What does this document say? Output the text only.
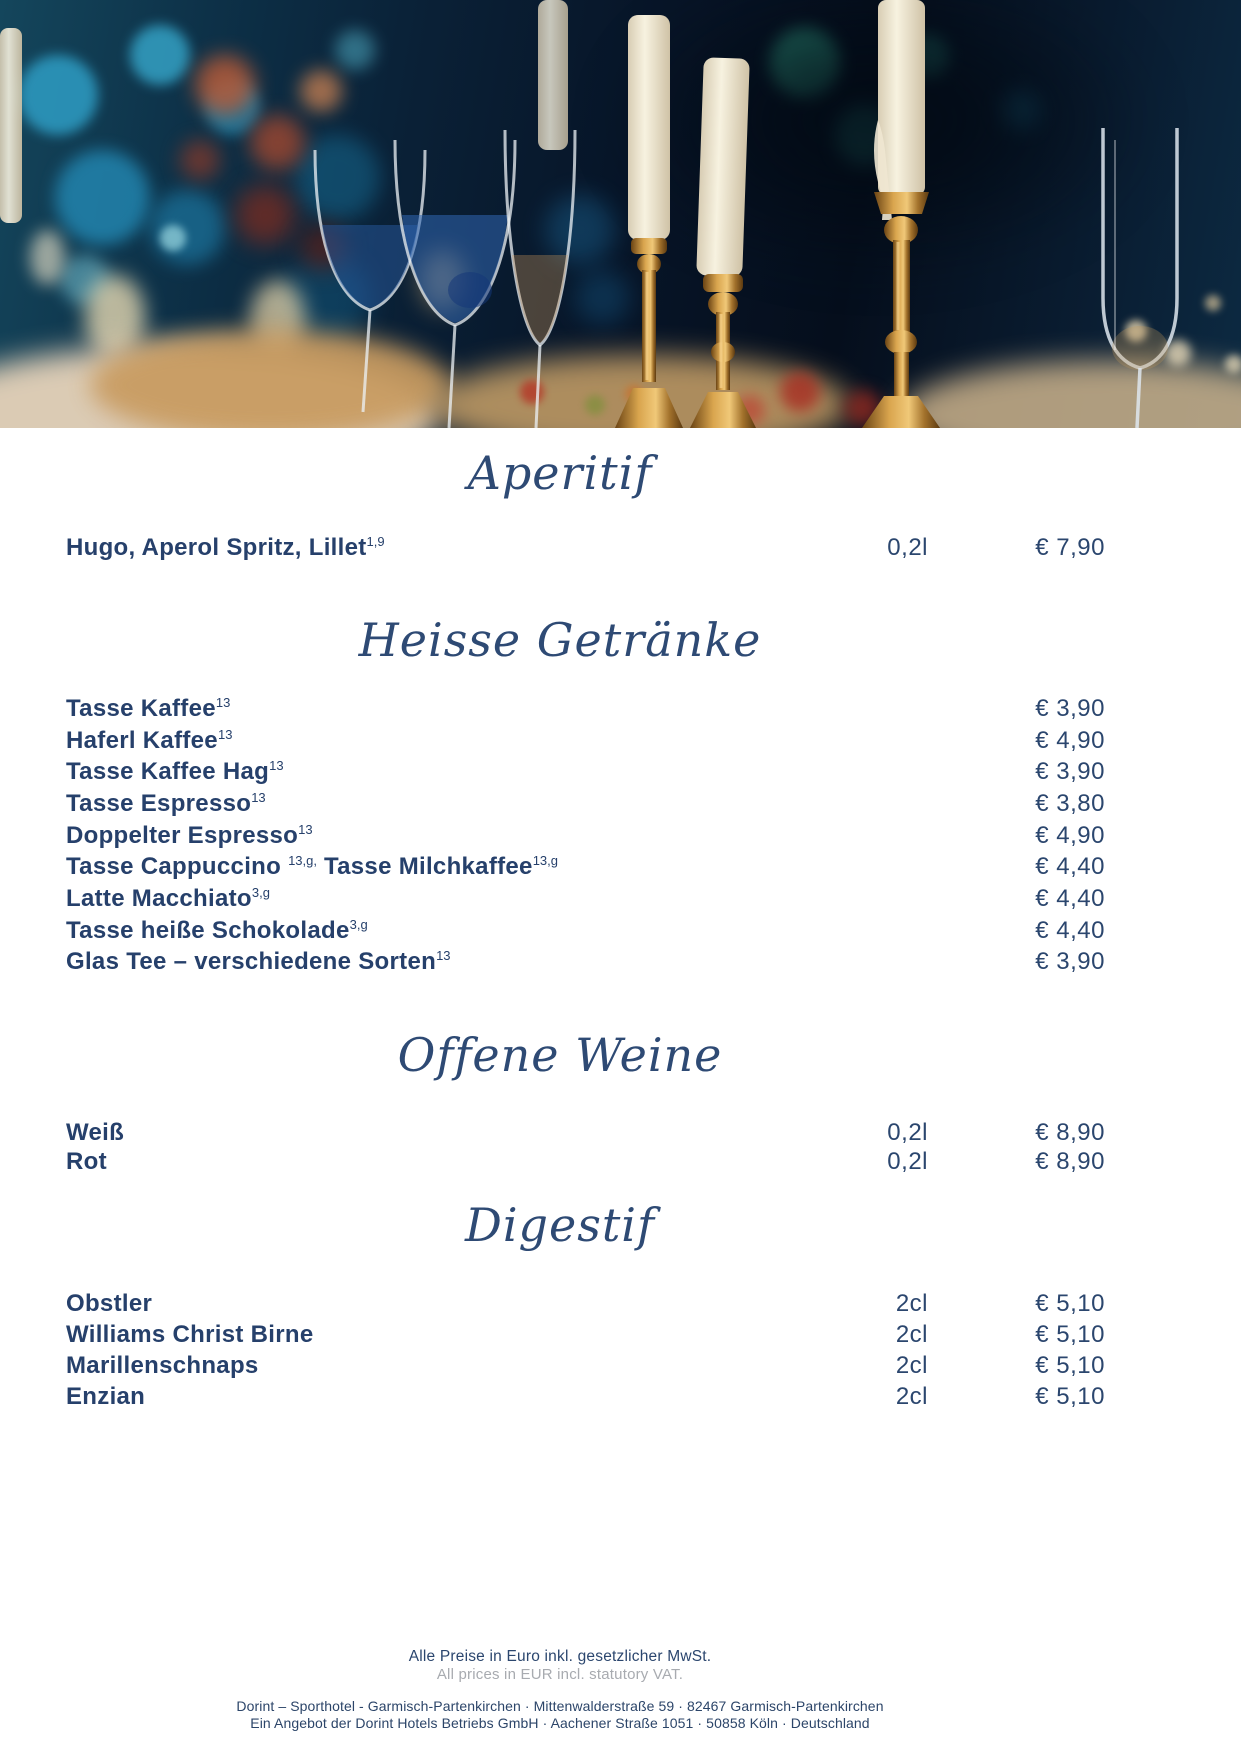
Aperitif
Hugo, Aperol Spritz, Lillet$^{1,9}$	0,2l	€ 7,90
Heisse Getränke
Tasse Kaffee$^{13}$	€ 3,90
Haferl Kaffee$^{13}$	€ 4,90
Tasse Kaffee Hag$^{13}$	€ 3,90
Tasse Espresso$^{13}$	€ 3,80
Doppelter Espresso$^{13}$	€ 4,90
Tasse Cappuccino $^{13,g,}$ Tasse Milchkaffee$^{13,g}$	€ 4,40
Latte Macchiato$^{3,g}$	€ 4,40
Tasse heiße Schokolade$^{3,g}$	€ 4,40
Glas Tee – verschiedene Sorten$^{13}$	€ 3,90
Offene Weine
Weiß	0,2l	€ 8,90
Rot	0,2l	€ 8,90
Digestif
Obstler	2cl	€ 5,10
Williams Christ Birne	2cl	€ 5,10
Marillenschnaps	2cl	€ 5,10
Enzian	2cl	€ 5,10
Alle Preise in Euro inkl. gesetzlicher MwSt.
All prices in EUR incl. statutory VAT.
Dorint – Sporthotel - Garmisch-Partenkirchen · Mittenwalderstraße 59 · 82467 Garmisch-Partenkirchen
Ein Angebot der Dorint Hotels Betriebs GmbH · Aachener Straße 1051 · 50858 Köln · Deutschland
